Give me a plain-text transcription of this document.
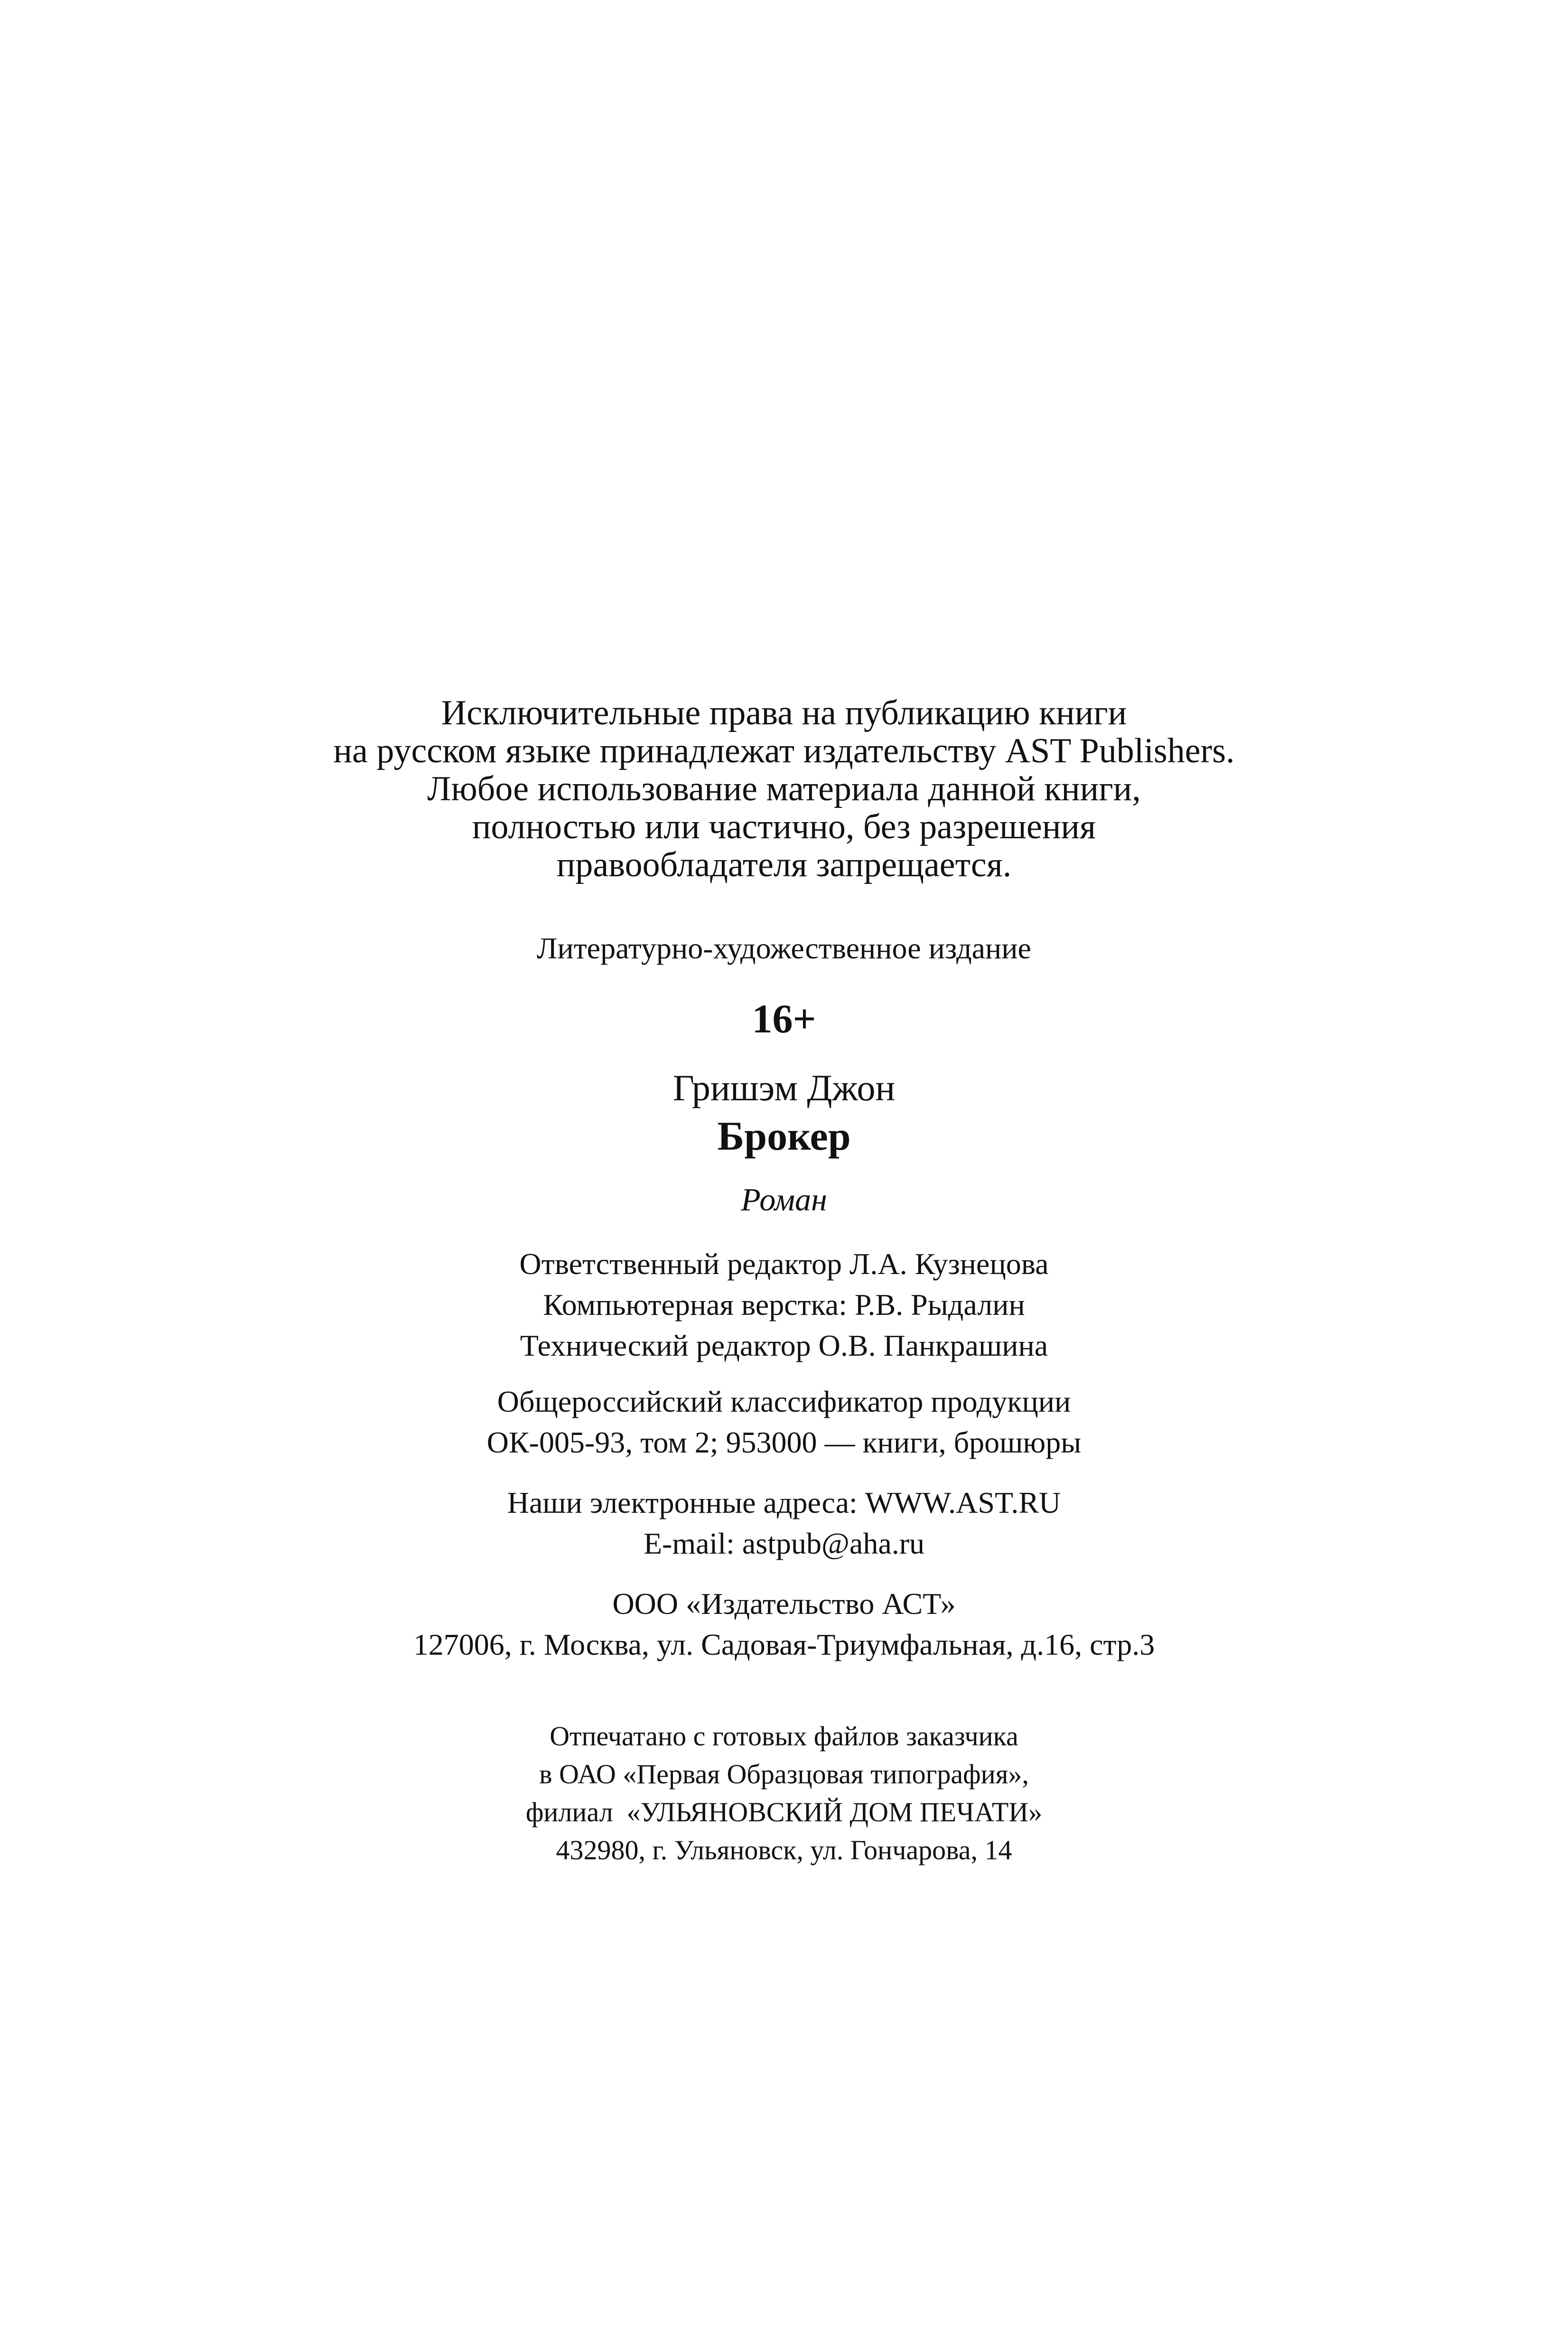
Исключительные права на публикацию книги
на русском языке принадлежат издательству AST Publishers.
Любое использование материала данной книги,
полностью или частично, без разрешения
правообладателя запрещается.
Литературно-художественное издание
16+
Гришэм Джон
Брокер
Роман
Ответственный редактор Л.А. Кузнецова
Компьютерная верстка: Р.В. Рыдалин
Технический редактор О.В. Панкрашина
Общероссийский классификатор продукции
ОК-005-93, том 2; 953000 — книги, брошюры
Наши электронные адреса: WWW.AST.RU
E-mail: astpub@aha.ru
ООО «Издательство АСТ»
127006, г. Москва, ул. Садовая-Триумфальная, д.16, стр.3
Отпечатано с готовых файлов заказчика
в ОАО «Первая Образцовая типография»,
филиал  «УЛЬЯНОВСКИЙ ДОМ ПЕЧАТИ»
432980, г. Ульяновск, ул. Гончарова, 14
